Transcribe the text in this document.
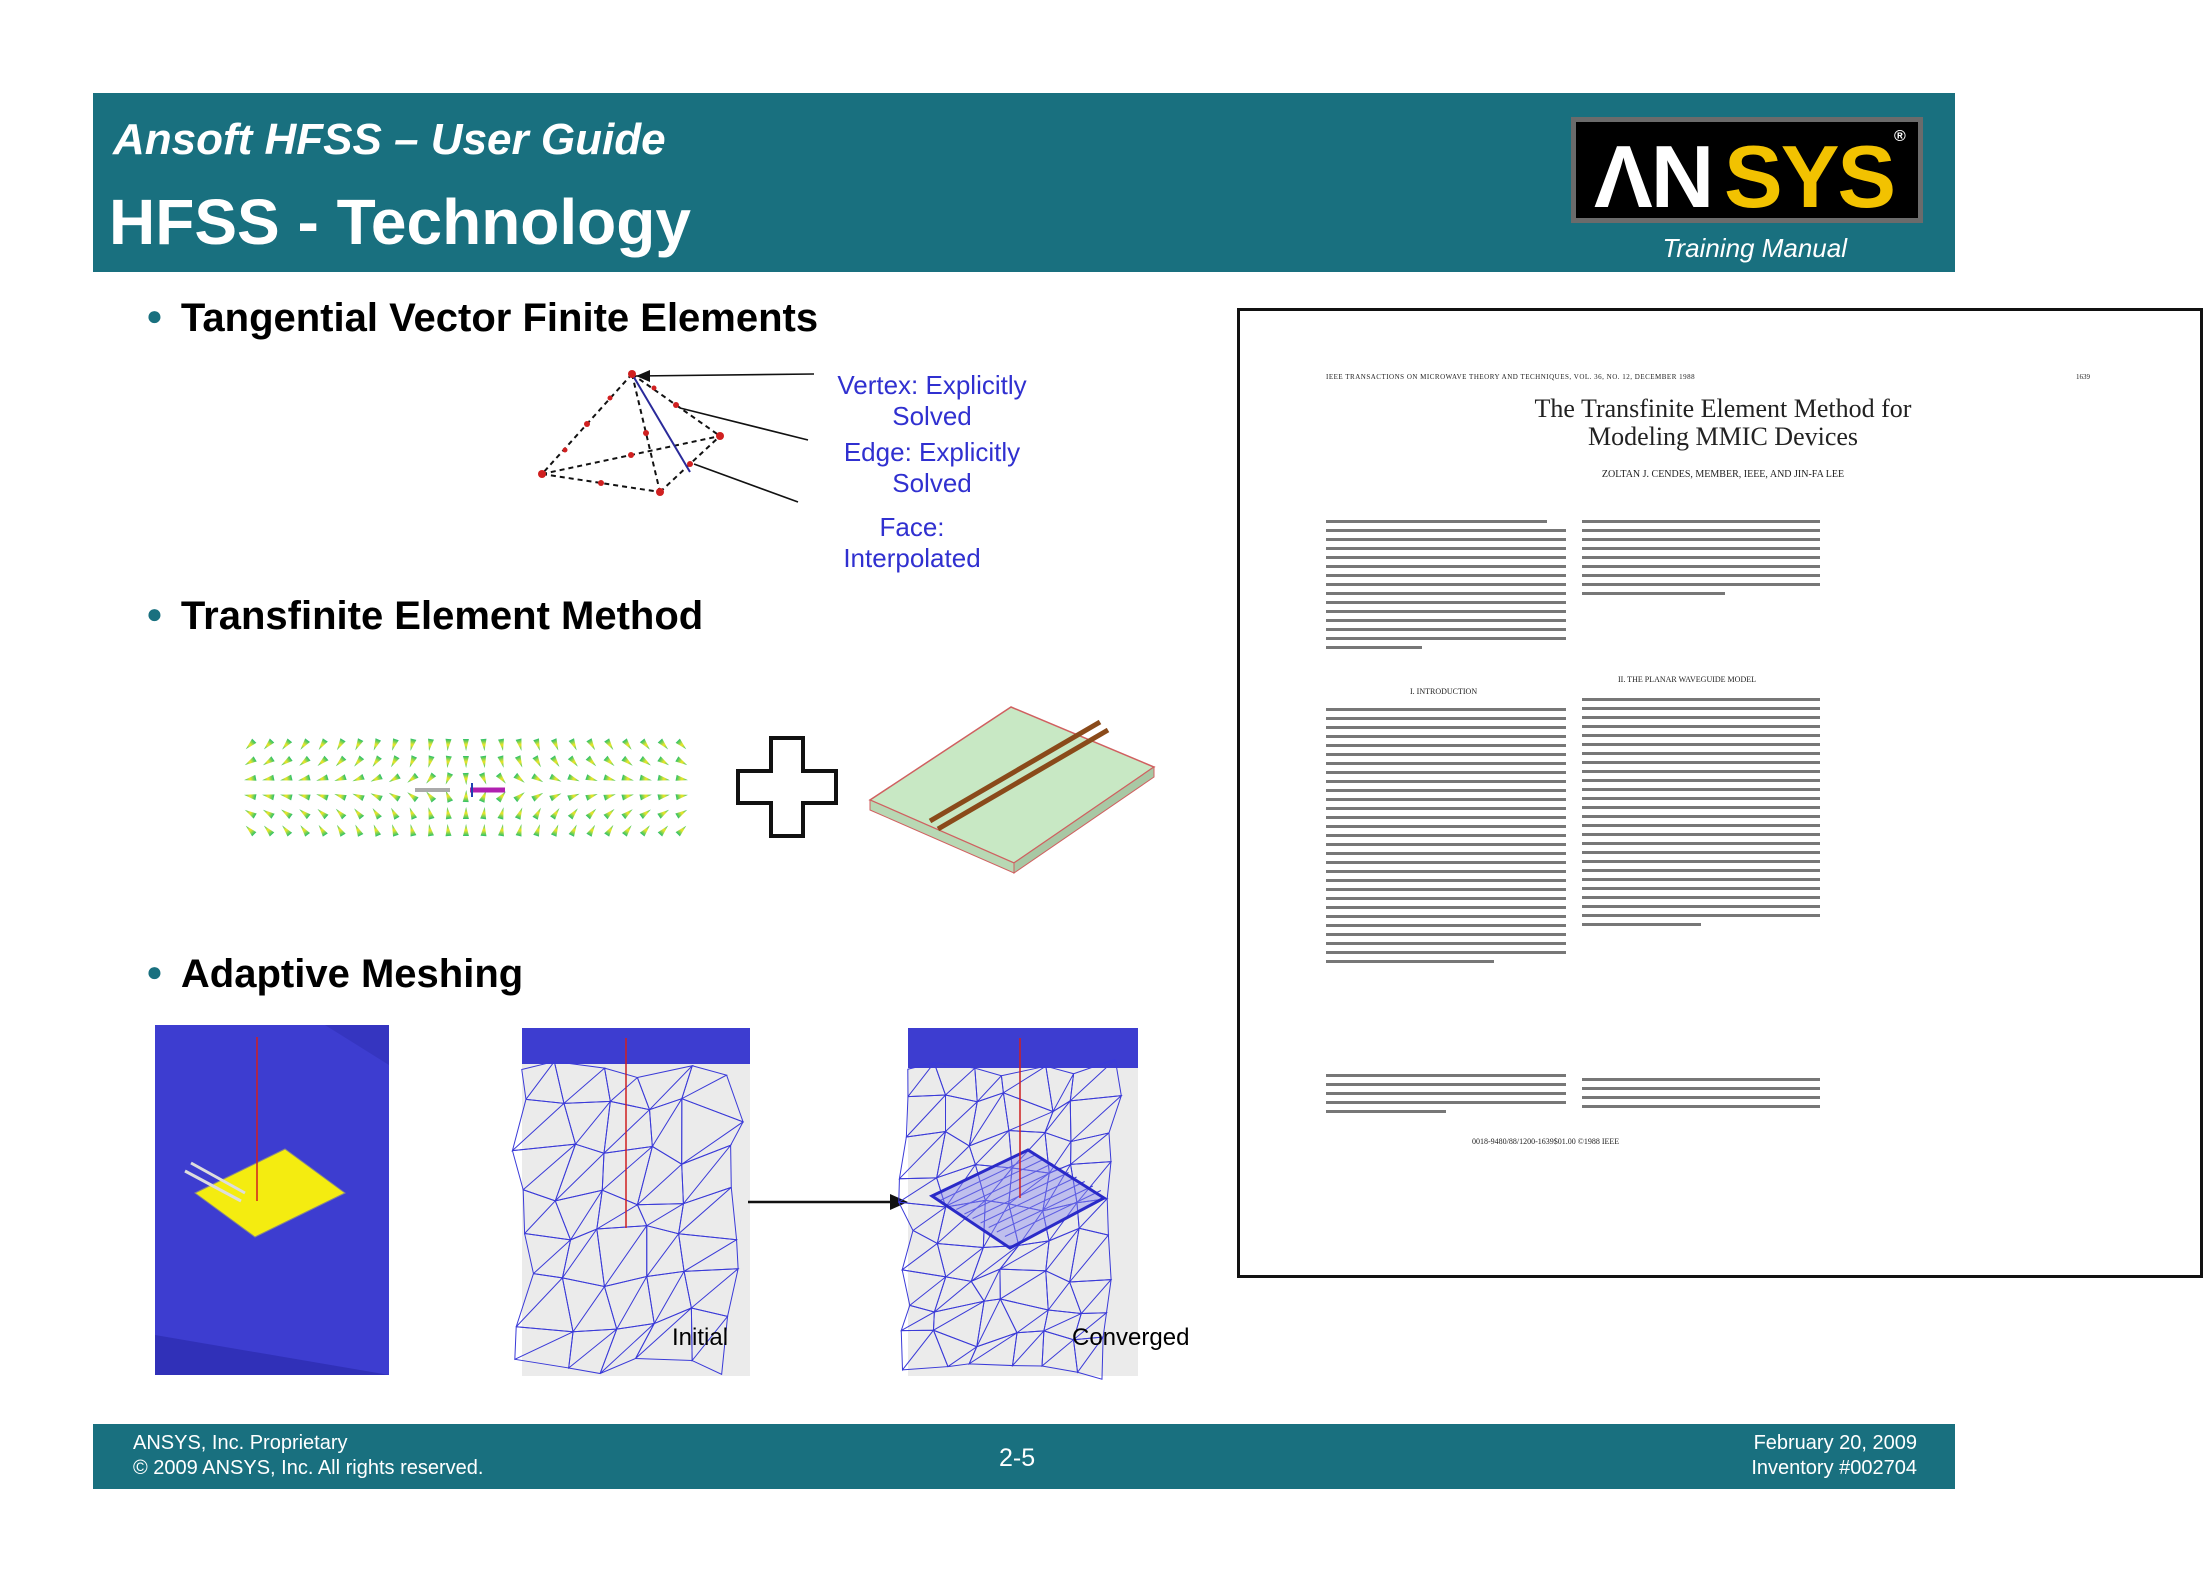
Ansoft HFSS – User Guide
HFSS - Technology	ΛN SYS ®
Training Manual
● Tangential Vector Finite Elements
Vertex: Explicitly Solved
Edge: Explicitly Solved
Face: Interpolated
● Transfinite Element Method
● Adaptive Meshing
Initial	Converged
IEEE TRANSACTIONS ON MICROWAVE THEORY AND TECHNIQUES, VOL. 36, NO. 12, DECEMBER 1988	1639
The Transfinite Element Method for Modeling MMIC Devices
ZOLTAN J. CENDES, MEMBER, IEEE, AND JIN-FA LEE
I. INTRODUCTION
II. THE PLANAR WAVEGUIDE MODEL
0018-9480/88/1200-1639$01.00 ©1988 IEEE
ANSYS, Inc. Proprietary
© 2009 ANSYS, Inc. All rights reserved.	2-5
February 20, 2009
Inventory #002704
